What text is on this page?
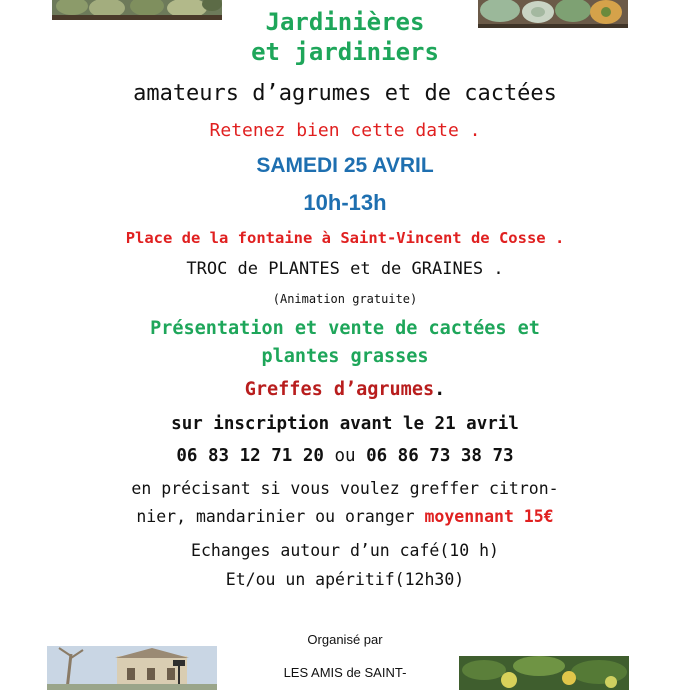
Jardinières
et jardiniers
amateurs d’agrumes et de cactées
Retenez bien cette date .
SAMEDI 25 AVRIL
10h-13h
Place de la fontaine à Saint-Vincent de Cosse .
TROC de PLANTES et de GRAINES .
(Animation gratuite)
Présentation et vente de cactées et
plantes grasses
Greffes d’agrumes.
sur inscription avant le 21 avril
06 83 12 71 20 ou 06 86 73 38 73
en précisant si vous voulez greffer citron-
nier, mandarinier ou oranger moyennant 15€
Echanges autour d’un café(10 h)
Et/ou un apéritif(12h30)
Organisé par
LES AMIS de SAINT-
